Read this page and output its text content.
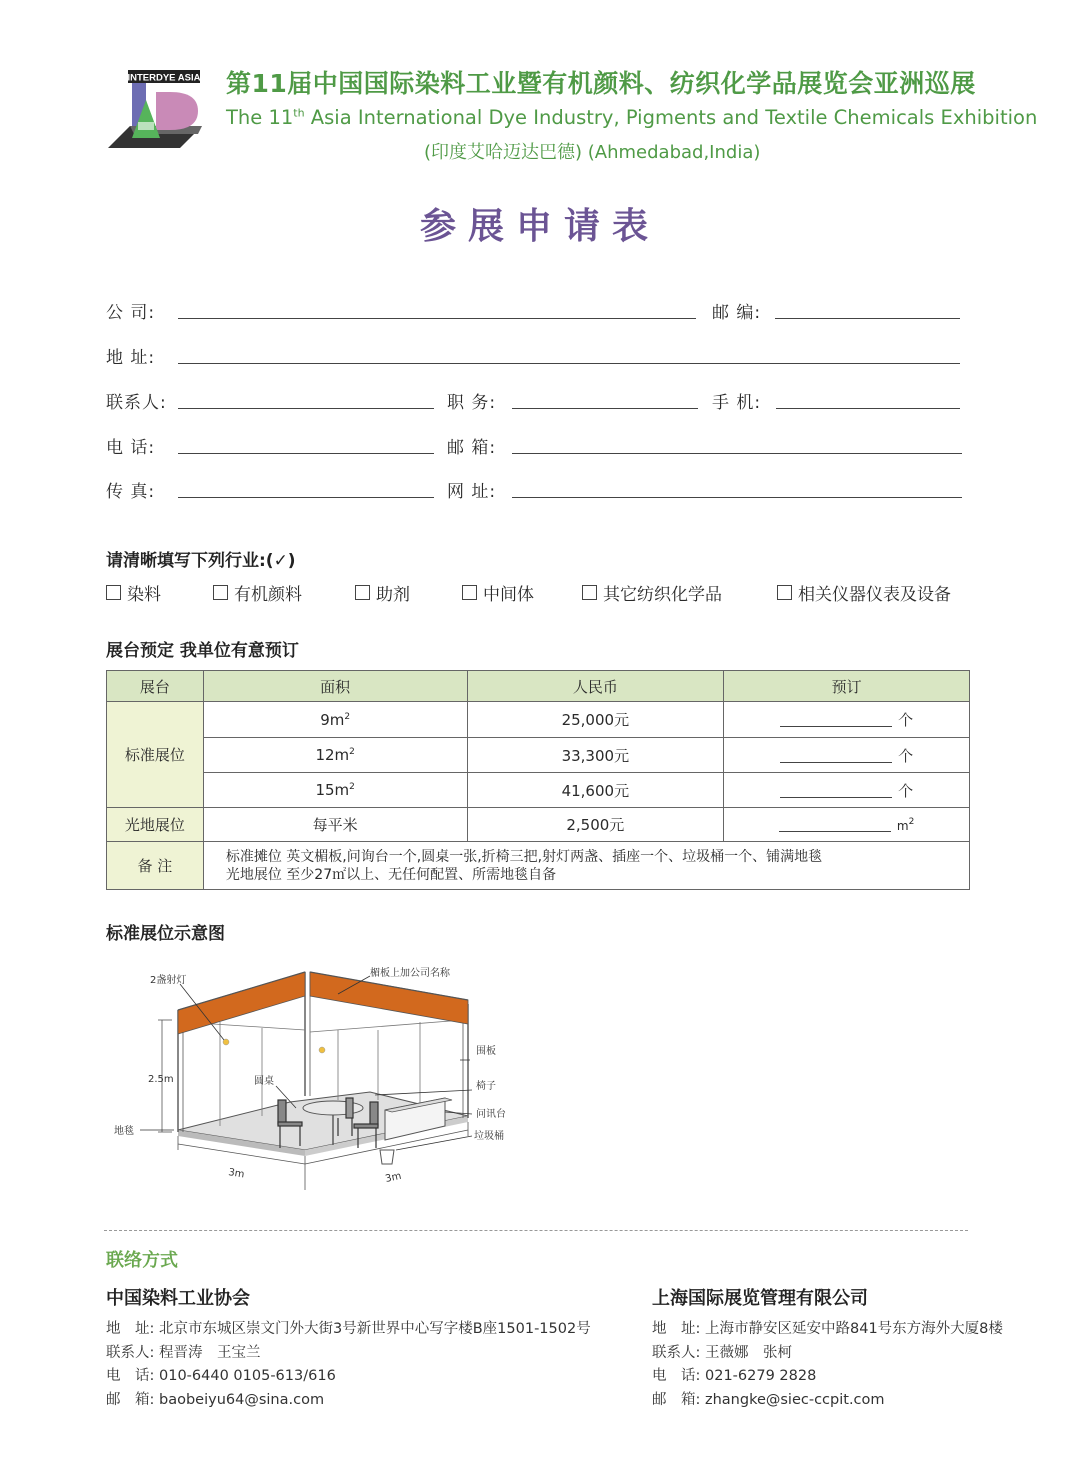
INTERDYE ASIA 第11届中国国际染料工业暨有机颜料、纺织化学品展览会亚洲巡展
The 11th Asia International Dye Industry, Pigments and Textile Chemicals Exhibition
(印度艾哈迈达巴德) (Ahmedabad,India)
参展申请表
公 司:	邮 编:
地 址:
联系人:	职 务:	手 机:
电 话:	邮 箱:
传 真:	网 址:
请清晰填写下列行业:(✓)
染料	有机颜料	助剂	中间体	其它纺织化学品	相关仪器仪表及设备
展台预定 我单位有意预订
展台	面积	人民币	预订
标准展位	$9m^2$	25,000元	个
	$12m^2$	33,300元	个
	$15m^2$	41,600元	个
光地展位	每平米	2,500元	$m^2$
备 注	标准摊位 英文楣板,问询台一个,圆桌一张,折椅三把,射灯两盏、插座一个、垃圾桶一个、铺满地毯
光地展位 至少27㎡以上、无任何配置、所需地毯自备		
标准展位示意图
2盏射灯
楣板上加公司名称
围板
圆桌	椅子
问讯台
垃圾桶
地毯
2.5m
3m	3m
联络方式
中国染料工业协会
地　址: 北京市东城区崇文门外大街3号新世界中心写字楼B座1501-1502号
联系人: 程晋涛　王宝兰
电　话: 010-6440 0105-613/616
邮　箱: baobeiyu64@sina.com
上海国际展览管理有限公司
地　址: 上海市静安区延安中路841号东方海外大厦8楼
联系人: 王薇娜　张柯
电　话: 021-6279 2828
邮　箱: zhangke@siec-ccpit.com
